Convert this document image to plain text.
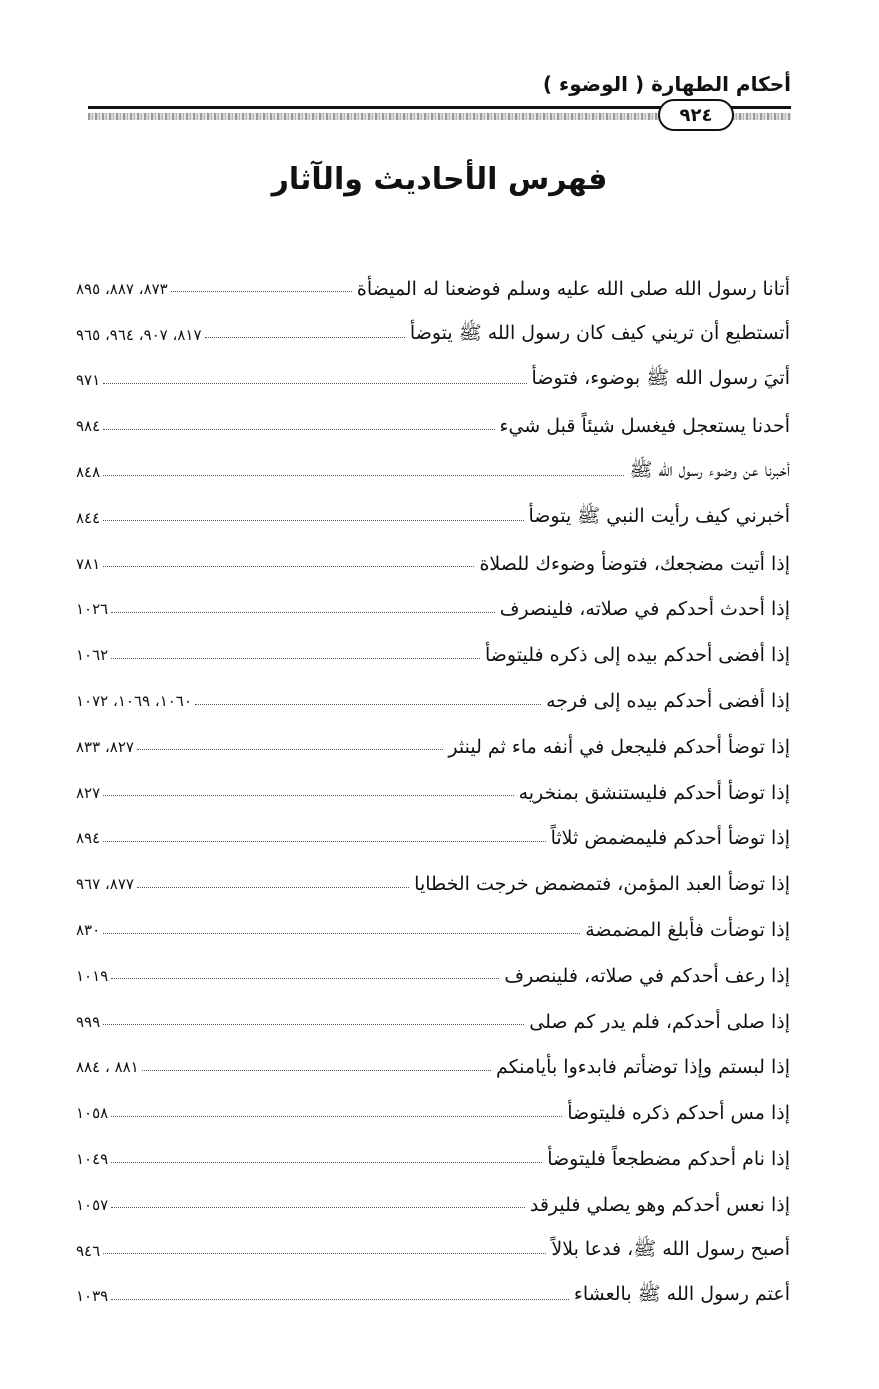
أحكام الطهارة ( الوضوء )
٩٢٤
فهرس الأحاديث والآثار
أتانا رسول الله صلى الله عليه وسلم فوضعنا له الميضأة
٨٧٣، ٨٨٧، ٨٩٥
أتستطيع أن تريني كيف كان رسول الله ﷺ يتوضأ
٨١٧، ٩٠٧، ٩٦٤، ٩٦٥
أتيَ رسول الله ﷺ بوضوء، فتوضأ
٩٧١
أحدنا يستعجل فيغسل شيئاً قبل شيء
٩٨٤
أخبرنا عن وضوء رسول الله ﷺ
٨٤٨
أخبرني كيف رأيت النبي ﷺ يتوضأ
٨٤٤
إذا أتيت مضجعك، فتوضأ وضوءك للصلاة
٧٨١
إذا أحدث أحدكم في صلاته، فلينصرف
١٠٢٦
إذا أفضى أحدكم بيده إلى ذكره فليتوضأ
١٠٦٢
إذا أفضى أحدكم بيده إلى فرجه
١٠٦٠، ١٠٦٩، ١٠٧٢
إذا توضأ أحدكم فليجعل في أنفه ماء ثم لينثر
٨٢٧، ٨٣٣
إذا توضأ أحدكم فليستنشق بمنخريه
٨٢٧
إذا توضأ أحدكم فليمضمض ثلاثاً
٨٩٤
إذا توضأ العبد المؤمن، فتمضمض خرجت الخطايا
٨٧٧، ٩٦٧
إذا توضأت فأبلغ المضمضة
٨٣٠
إذا رعف أحدكم في صلاته، فلينصرف
١٠١٩
إذا صلى أحدكم، فلم يدر كم صلى
٩٩٩
إذا لبستم وإذا توضأتم فابدءوا بأيامنكم
٨٨١ ، ٨٨٤
إذا مس أحدكم ذكره فليتوضأ
١٠٥٨
إذا نام أحدكم مضطجعاً فليتوضأ
١٠٤٩
إذا نعس أحدكم وهو يصلي فليرقد
١٠٥٧
أصبح رسول الله ﷺ، فدعا بلالاً
٩٤٦
أعتم رسول الله ﷺ بالعشاء
١٠٣٩
